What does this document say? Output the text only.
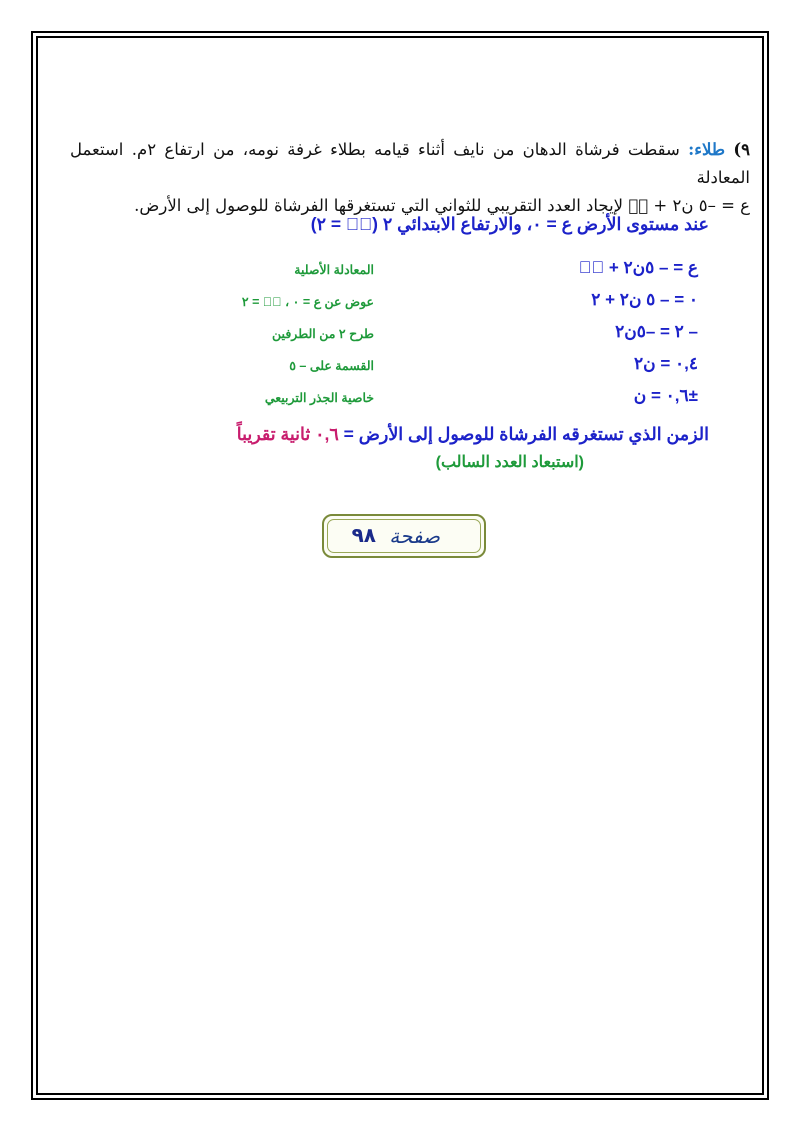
٩) طلاء: سقطت فرشاة الدهان من نايف أثناء قيامه بطلاء غرفة نومه، من ارتفاع ٢م. استعمل المعادلة
ع = –٥ ن٢ + عٖ لإيجاد العدد التقريبي للثواني التي تستغرقها الفرشاة للوصول إلى الأرض.
عند مستوى الأرض ع = ٠، والارتفاع الابتدائي ٢ (عٖ = ٢)
ع = – ٥ن٢ + عٖ
المعادلة الأصلية
٠ = – ٥ ن٢ + ٢
عوض عن ع = ٠ ، عٖ = ٢
– ٢ = –٥ن٢
طرح ٢ من الطرفين
٠,٤ = ن٢
القسمة على – ٥
±٠,٦ = ن
خاصية الجذر التربيعي
الزمن الذي تستغرقه الفرشاة للوصول إلى الأرض = ٠,٦ ثانية تقريباً
(استبعاد العدد السالب)
صفحة
٩٨
